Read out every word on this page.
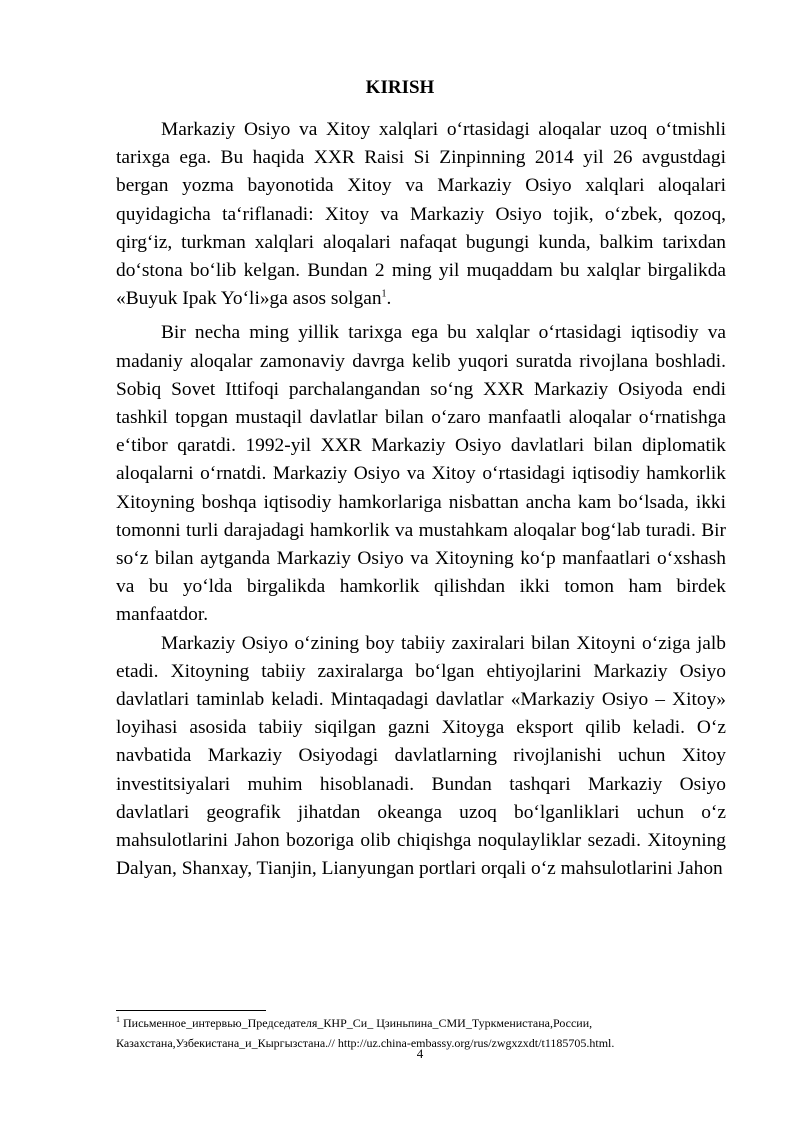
KIRISH

Markaziy Osiyo va Xitoy xalqlari o‘rtasidagi aloqalar uzoq o‘tmishli tarixga ega. Bu haqida XXR Raisi Si Zinpinning 2014 yil 26 avgustdagi bergan yozma bayonotida Xitoy va Markaziy Osiyo xalqlari aloqalari quyidagicha ta‘riflanadi: Xitoy va Markaziy Osiyo tojik, o‘zbek, qozoq, qirg‘iz, turkman xalqlari aloqalari nafaqat bugungi kunda, balkim tarixdan do‘stona bo‘lib kelgan. Bundan 2 ming yil muqaddam bu xalqlar birgalikda «Buyuk Ipak Yo‘li»ga asos solgan$^1$.

Bir necha ming yillik tarixga ega bu xalqlar o‘rtasidagi iqtisodiy va madaniy aloqalar zamonaviy davrga kelib yuqori suratda rivojlana boshladi. Sobiq Sovet Ittifoqi parchalangandan so‘ng XXR Markaziy Osiyoda endi tashkil topgan mustaqil davlatlar bilan o‘zaro manfaatli aloqalar o‘rnatishga e‘tibor qaratdi. 1992-yil XXR Markaziy Osiyo davlatlari bilan diplomatik aloqalarni o‘rnatdi. Markaziy Osiyo va Xitoy o‘rtasidagi iqtisodiy hamkorlik Xitoyning boshqa iqtisodiy hamkorlariga nisbattan ancha kam bo‘lsada, ikki tomonni turli darajadagi hamkorlik va mustahkam aloqalar bog‘lab turadi. Bir so‘z bilan aytganda Markaziy Osiyo va Xitoyning ko‘p manfaatlari o‘xshash va bu yo‘lda birgalikda hamkorlik qilishdan ikki tomon ham birdek manfaatdor.

Markaziy Osiyo o‘zining boy tabiiy zaxiralari bilan Xitoyni o‘ziga jalb etadi. Xitoyning tabiiy zaxiralarga bo‘lgan ehtiyojlarini Markaziy Osiyo davlatlari taminlab keladi. Mintaqadagi davlatlar «Markaziy Osiyo – Xitoy» loyihasi asosida tabiiy siqilgan gazni Xitoyga eksport qilib keladi. O‘z navbatida Markaziy Osiyodagi davlatlarning rivojlanishi uchun Xitoy investitsiyalari muhim hisoblanadi. Bundan tashqari Markaziy Osiyo davlatlari geografik jihatdan okeanga uzoq bo‘lganliklari uchun o‘z mahsulotlarini Jahon bozoriga olib chiqishga noqulayliklar sezadi. Xitoyning Dalyan, Shanxay, Tianjin, Lianyungan portlari orqali o‘z mahsulotlarini Jahon

$^1$ Письменное_интервью_Председателя_КНР_Си_ Цзиньпина_СМИ_Туркменистана,России, Казахстана,Узбекистана_и_Кыргызстана.// http://uz.china-embassy.org/rus/zwgxzxdt/t1185705.html.
4
